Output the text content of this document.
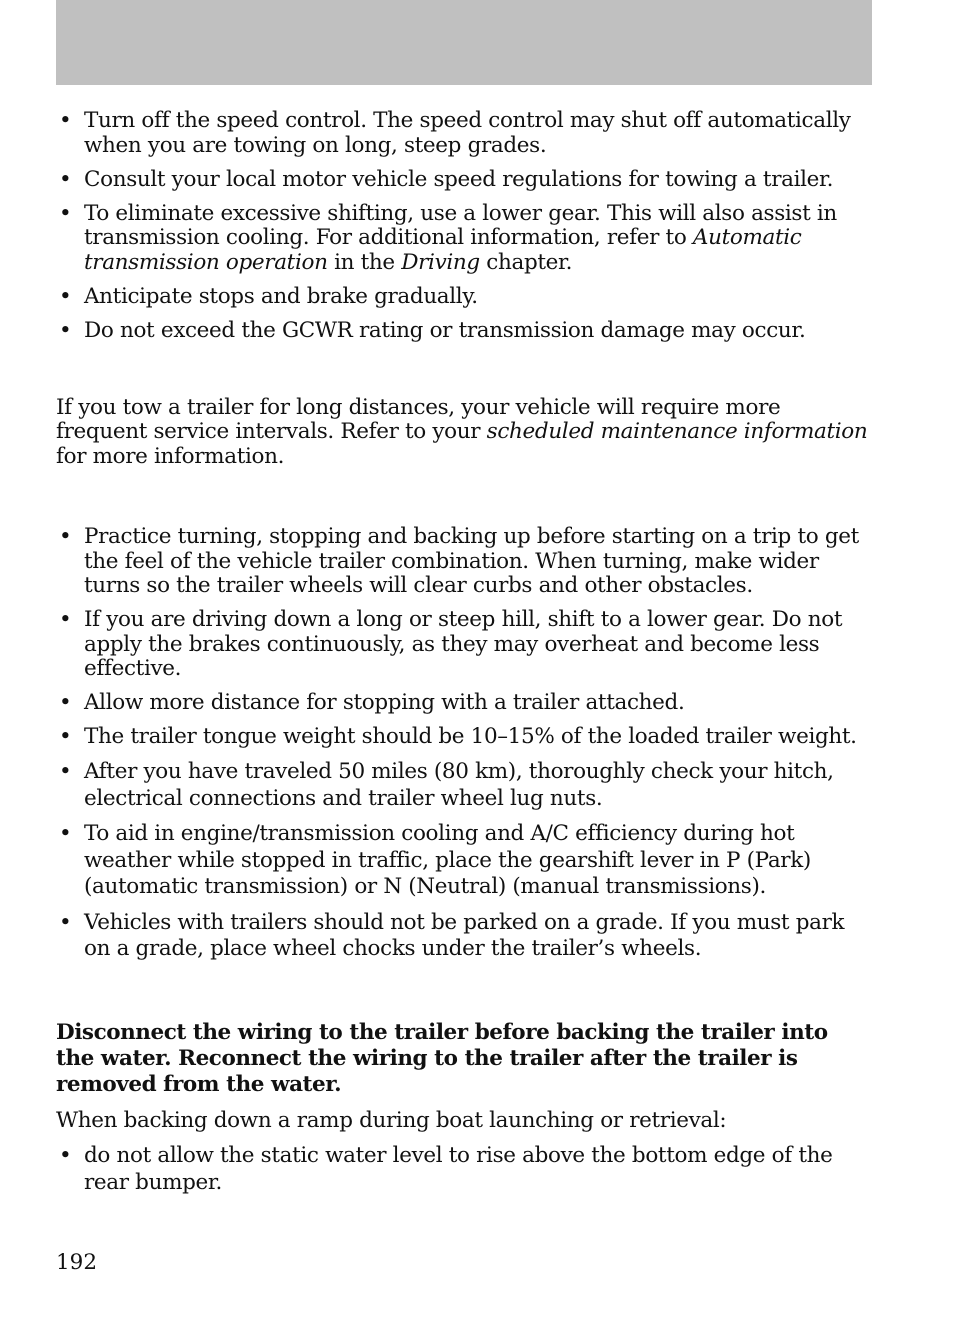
• Turn off the speed control. The speed control may shut off automatically when you are towing on long, steep grades.
• Consult your local motor vehicle speed regulations for towing a trailer.
• To eliminate excessive shifting, use a lower gear. This will also assist in transmission cooling. For additional information, refer to Automatic transmission operation in the Driving chapter.
• Anticipate stops and brake gradually.
• Do not exceed the GCWR rating or transmission damage may occur.

If you tow a trailer for long distances, your vehicle will require more frequent service intervals. Refer to your scheduled maintenance information for more information.

• Practice turning, stopping and backing up before starting on a trip to get the feel of the vehicle trailer combination. When turning, make wider turns so the trailer wheels will clear curbs and other obstacles.
• If you are driving down a long or steep hill, shift to a lower gear. Do not apply the brakes continuously, as they may overheat and become less effective.
• Allow more distance for stopping with a trailer attached.
• The trailer tongue weight should be 10–15% of the loaded trailer weight.
• After you have traveled 50 miles (80 km), thoroughly check your hitch, electrical connections and trailer wheel lug nuts.
• To aid in engine/transmission cooling and A/C efficiency during hot weather while stopped in traffic, place the gearshift lever in P (Park) (automatic transmission) or N (Neutral) (manual transmissions).
• Vehicles with trailers should not be parked on a grade. If you must park on a grade, place wheel chocks under the trailer’s wheels.

Disconnect the wiring to the trailer before backing the trailer into the water. Reconnect the wiring to the trailer after the trailer is removed from the water.

When backing down a ramp during boat launching or retrieval:

• do not allow the static water level to rise above the bottom edge of the rear bumper.
192
